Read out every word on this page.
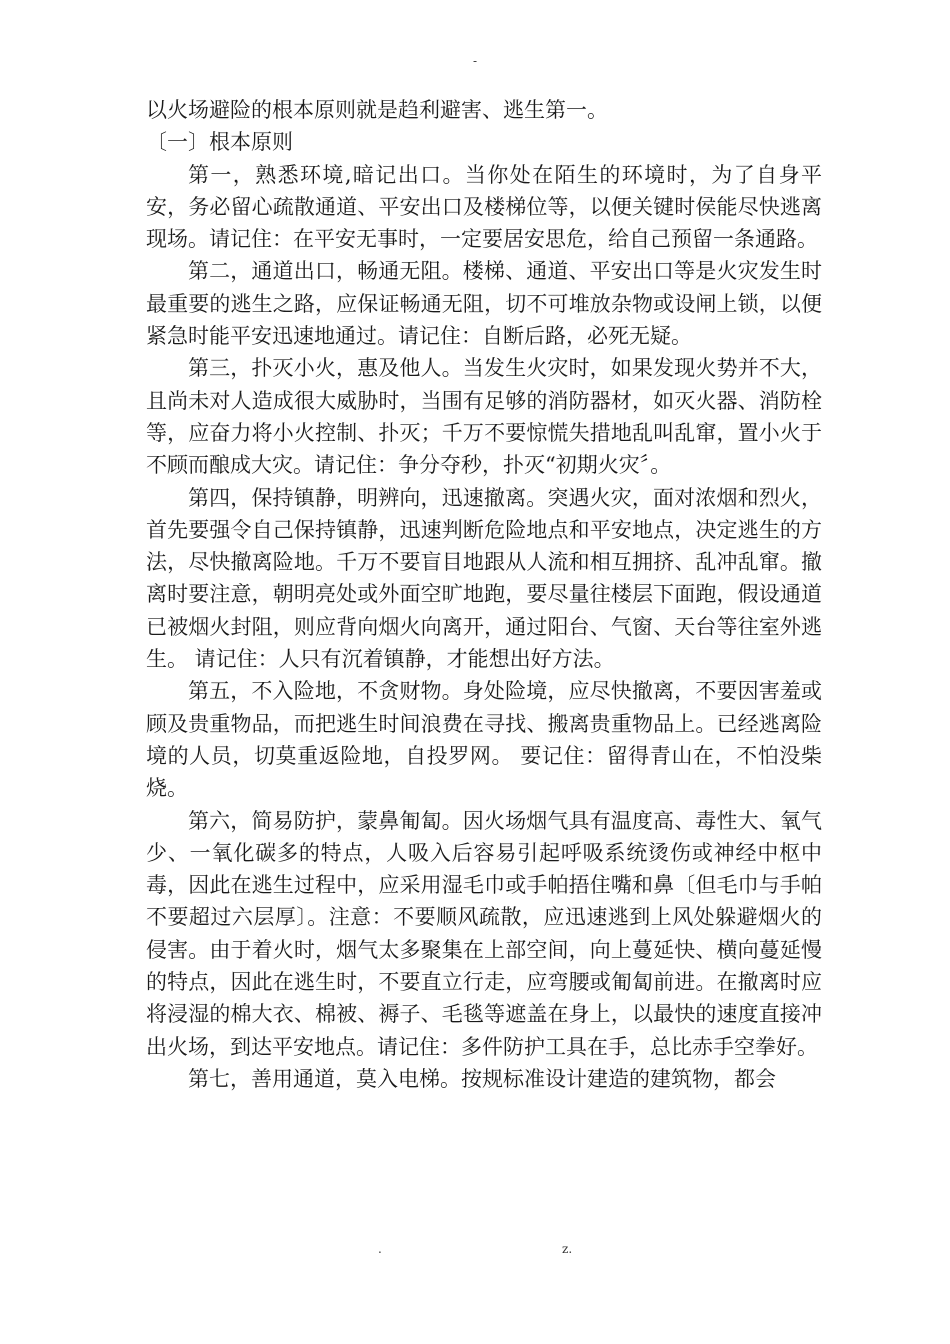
-

以火场避险的根本原则就是趋利避害、逃生第一。

〔一〕根本原则

第一，熟悉环境,暗记出口。当你处在陌生的环境时，为了自身平安，务必留心疏散通道、平安出口及楼梯位等，以便关键时侯能尽快逃离现场。请记住：在平安无事时，一定要居安思危，给自己预留一条通路。

第二，通道出口，畅通无阻。楼梯、通道、平安出口等是火灾发生时最重要的逃生之路，应保证畅通无阻，切不可堆放杂物或设闸上锁，以便紧急时能平安迅速地通过。请记住：自断后路，必死无疑。

第三，扑灭小火，惠及他人。当发生火灾时，如果发现火势并不大，且尚未对人造成很大威胁时，当围有足够的消防器材，如灭火器、消防栓等，应奋力将小火控制、扑灭；千万不要惊慌失措地乱叫乱窜，置小火于不顾而酿成大灾。请记住：争分夺秒，扑灭“初期火灾〞。

第四，保持镇静，明辨向，迅速撤离。突遇火灾，面对浓烟和烈火，首先要强令自己保持镇静，迅速判断危险地点和平安地点，决定逃生的方法，尽快撤离险地。千万不要盲目地跟从人流和相互拥挤、乱冲乱窜。撤离时要注意，朝明亮处或外面空旷地跑，要尽量往楼层下面跑，假设通道已被烟火封阻，则应背向烟火向离开，通过阳台、气窗、天台等往室外逃生。 请记住：人只有沉着镇静，才能想出好方法。

第五，不入险地，不贪财物。身处险境，应尽快撤离，不要因害羞或顾及贵重物品，而把逃生时间浪费在寻找、搬离贵重物品上。已经逃离险境的人员，切莫重返险地，自投罗网。 要记住：留得青山在，不怕没柴烧。

第六，简易防护，蒙鼻匍匐。因火场烟气具有温度高、毒性大、氧气少、一氧化碳多的特点，人吸入后容易引起呼吸系统烫伤或神经中枢中毒，因此在逃生过程中，应采用湿毛巾或手帕捂住嘴和鼻〔但毛巾与手帕不要超过六层厚〕。注意：不要顺风疏散，应迅速逃到上风处躲避烟火的侵害。由于着火时，烟气太多聚集在上部空间，向上蔓延快、横向蔓延慢的特点，因此在逃生时，不要直立行走，应弯腰或匍匐前进。在撤离时应将浸湿的棉大衣、棉被、褥子、毛毯等遮盖在身上，以最快的速度直接冲出火场，到达平安地点。请记住：多件防护工具在手，总比赤手空拳好。

第七，善用通道，莫入电梯。按规标准设计建造的建筑物，都会

.	z.
